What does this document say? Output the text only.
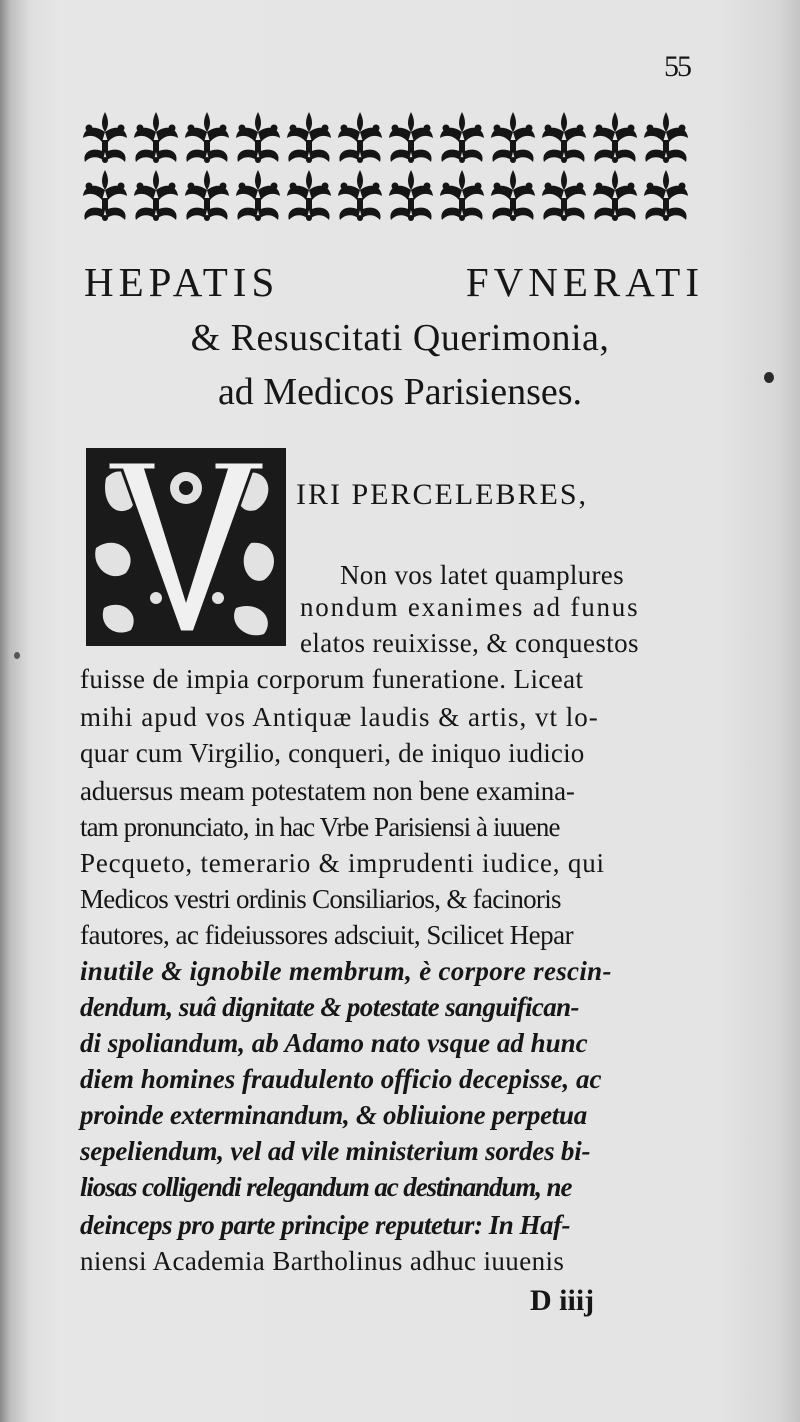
55
HEPATIS	FVNERATI
& Resuscitati Querimonia,
ad Medicos Parisienses.
IRI PERCELEBRES,
Non vos latet quamplures
nondum exanimes ad funus
elatos reuixisse, & conquestos
fuisse de impia corporum funeratione. Liceat
mihi apud vos Antiquæ laudis & artis, vt lo-
quar cum Virgilio, conqueri, de iniquo iudicio
aduersus meam potestatem non bene examina-
tam pronunciato, in hac Vrbe Parisiensi à iuuene
Pecqueto, temerario & imprudenti iudice, qui
Medicos vestri ordinis Consiliarios, & facinoris
fautores, ac fideiussores adsciuit, Scilicet Hepar
inutile & ignobile membrum, è corpore rescin-
dendum, suâ dignitate & potestate sanguifican-
di spoliandum, ab Adamo nato vsque ad hunc
diem homines fraudulento officio decepisse, ac
proinde exterminandum, & obliuione perpetua
sepeliendum, vel ad vile ministerium sordes bi-
liosas colligendi relegandum ac destinandum, ne
deinceps pro parte principe reputetur: In Haf-
niensi Academia Bartholinus adhuc iuuenis
D iiij
